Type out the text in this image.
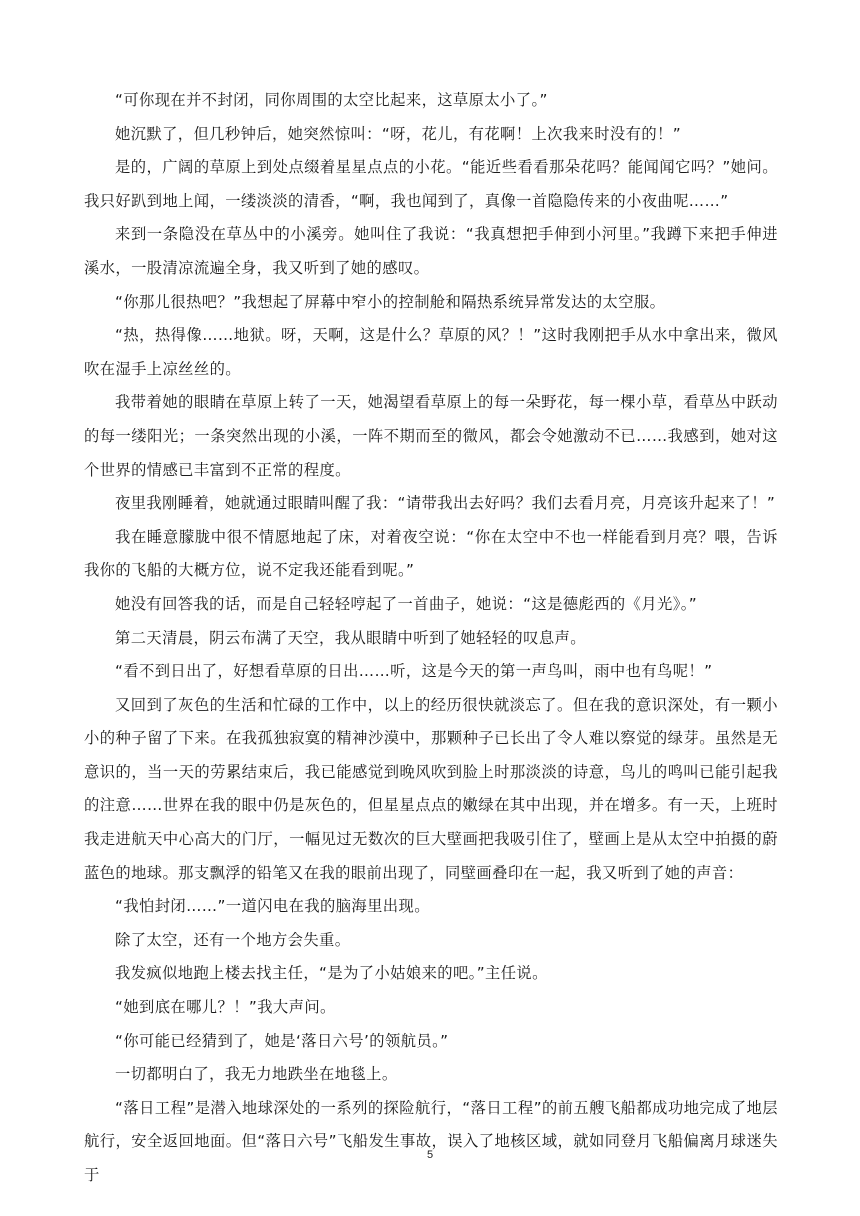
“可你现在并不封闭，同你周围的太空比起来，这草原太小了。”

她沉默了，但几秒钟后，她突然惊叫：“呀，花儿，有花啊！上次我来时没有的！”

是的，广阔的草原上到处点缀着星星点点的小花。“能近些看看那朵花吗？能闻闻它吗？”她问。我只好趴到地上闻，一缕淡淡的清香，“啊，我也闻到了，真像一首隐隐传来的小夜曲呢……”

来到一条隐没在草丛中的小溪旁。她叫住了我说：“我真想把手伸到小河里。”我蹲下来把手伸进溪水，一股清凉流遍全身，我又听到了她的感叹。

“你那儿很热吧？”我想起了屏幕中窄小的控制舱和隔热系统异常发达的太空服。

“热，热得像……地狱。呀，天啊，这是什么？草原的风？！”这时我刚把手从水中拿出来，微风吹在湿手上凉丝丝的。

我带着她的眼睛在草原上转了一天，她渴望看草原上的每一朵野花，每一棵小草，看草丛中跃动的每一缕阳光；一条突然出现的小溪，一阵不期而至的微风，都会令她激动不已……我感到，她对这个世界的情感已丰富到不正常的程度。

夜里我刚睡着，她就通过眼睛叫醒了我：“请带我出去好吗？我们去看月亮，月亮该升起来了！”

我在睡意朦胧中很不情愿地起了床，对着夜空说：“你在太空中不也一样能看到月亮？喂，告诉我你的飞船的大概方位，说不定我还能看到呢。”

她没有回答我的话，而是自己轻轻哼起了一首曲子，她说：“这是德彪西的《月光》。”

第二天清晨，阴云布满了天空，我从眼睛中听到了她轻轻的叹息声。

“看不到日出了，好想看草原的日出……听，这是今天的第一声鸟叫，雨中也有鸟呢！”

又回到了灰色的生活和忙碌的工作中，以上的经历很快就淡忘了。但在我的意识深处，有一颗小小的种子留了下来。在我孤独寂寞的精神沙漠中，那颗种子已长出了令人难以察觉的绿芽。虽然是无意识的，当一天的劳累结束后，我已能感觉到晚风吹到脸上时那淡淡的诗意，鸟儿的鸣叫已能引起我的注意……世界在我的眼中仍是灰色的，但星星点点的嫩绿在其中出现，并在增多。有一天，上班时我走进航天中心高大的门厅，一幅见过无数次的巨大壁画把我吸引住了，壁画上是从太空中拍摄的蔚蓝色的地球。那支飘浮的铅笔又在我的眼前出现了，同壁画叠印在一起，我又听到了她的声音：

“我怕封闭……”一道闪电在我的脑海里出现。

除了太空，还有一个地方会失重。

我发疯似地跑上楼去找主任，“是为了小姑娘来的吧。”主任说。

“她到底在哪儿？！”我大声问。

“你可能已经猜到了，她是‘落日六号’的领航员。”

一切都明白了，我无力地跌坐在地毯上。

“落日工程”是潜入地球深处的一系列的探险航行，“落日工程”的前五艘飞船都成功地完成了地层航行，安全返回地面。但“落日六号”飞船发生事故，误入了地核区域，就如同登月飞船偏离月球迷失于

5
